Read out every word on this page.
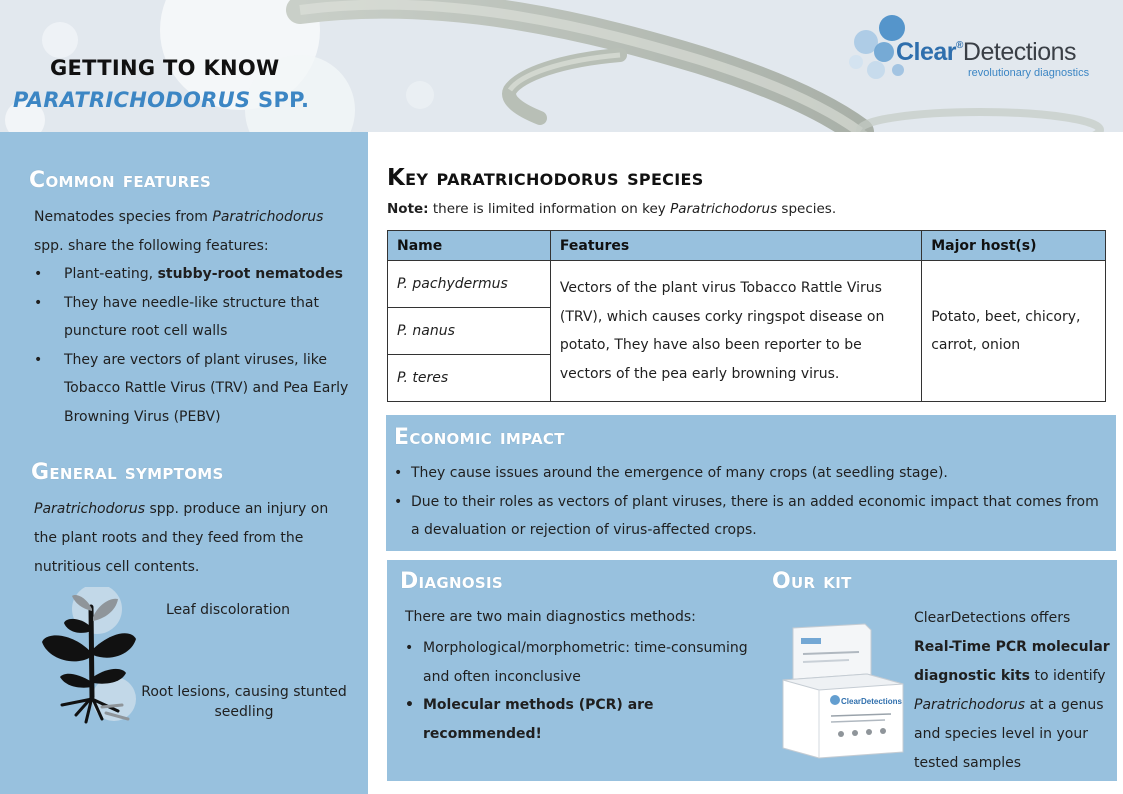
GETTING TO KNOW
PARATRICHODORUS SPP.
Clear®Detections
revolutionary diagnostics
Common features
Nematodes species from Paratrichodorus spp. share the following features:
• Plant-eating, stubby-root nematodes
• They have needle-like structure that puncture root cell walls
• They are vectors of plant viruses, like Tobacco Rattle Virus (TRV) and Pea Early Browning Virus (PEBV)
General symptoms
Paratrichodorus spp. produce an injury on the plant roots and they feed from the nutritious cell contents.
Leaf discoloration
Root lesions, causing stunted seedling
Key paratrichodorus species
Note: there is limited information on key Paratrichodorus species.
Name	Features	Major host(s)
P. pachydermus	Vectors of the plant virus Tobacco Rattle Virus (TRV), which causes corky ringspot disease on potato, They have also been reporter to be vectors of the pea early browning virus.	Potato, beet, chicory, carrot, onion
P. nanus		
P. teres		
Economic impact
• They cause issues around the emergence of many crops (at seedling stage).
• Due to their roles as vectors of plant viruses, there is an added economic impact that comes from a devaluation or rejection of virus-affected crops.
Diagnosis	Our kit
There are two main diagnostics methods:
• Morphological/morphometric: time-consuming and often inconclusive
• Molecular methods (PCR) are recommended!
ClearDetections
ClearDetections offers Real-Time PCR molecular diagnostic kits to identify Paratrichodorus at a genus and species level in your tested samples
